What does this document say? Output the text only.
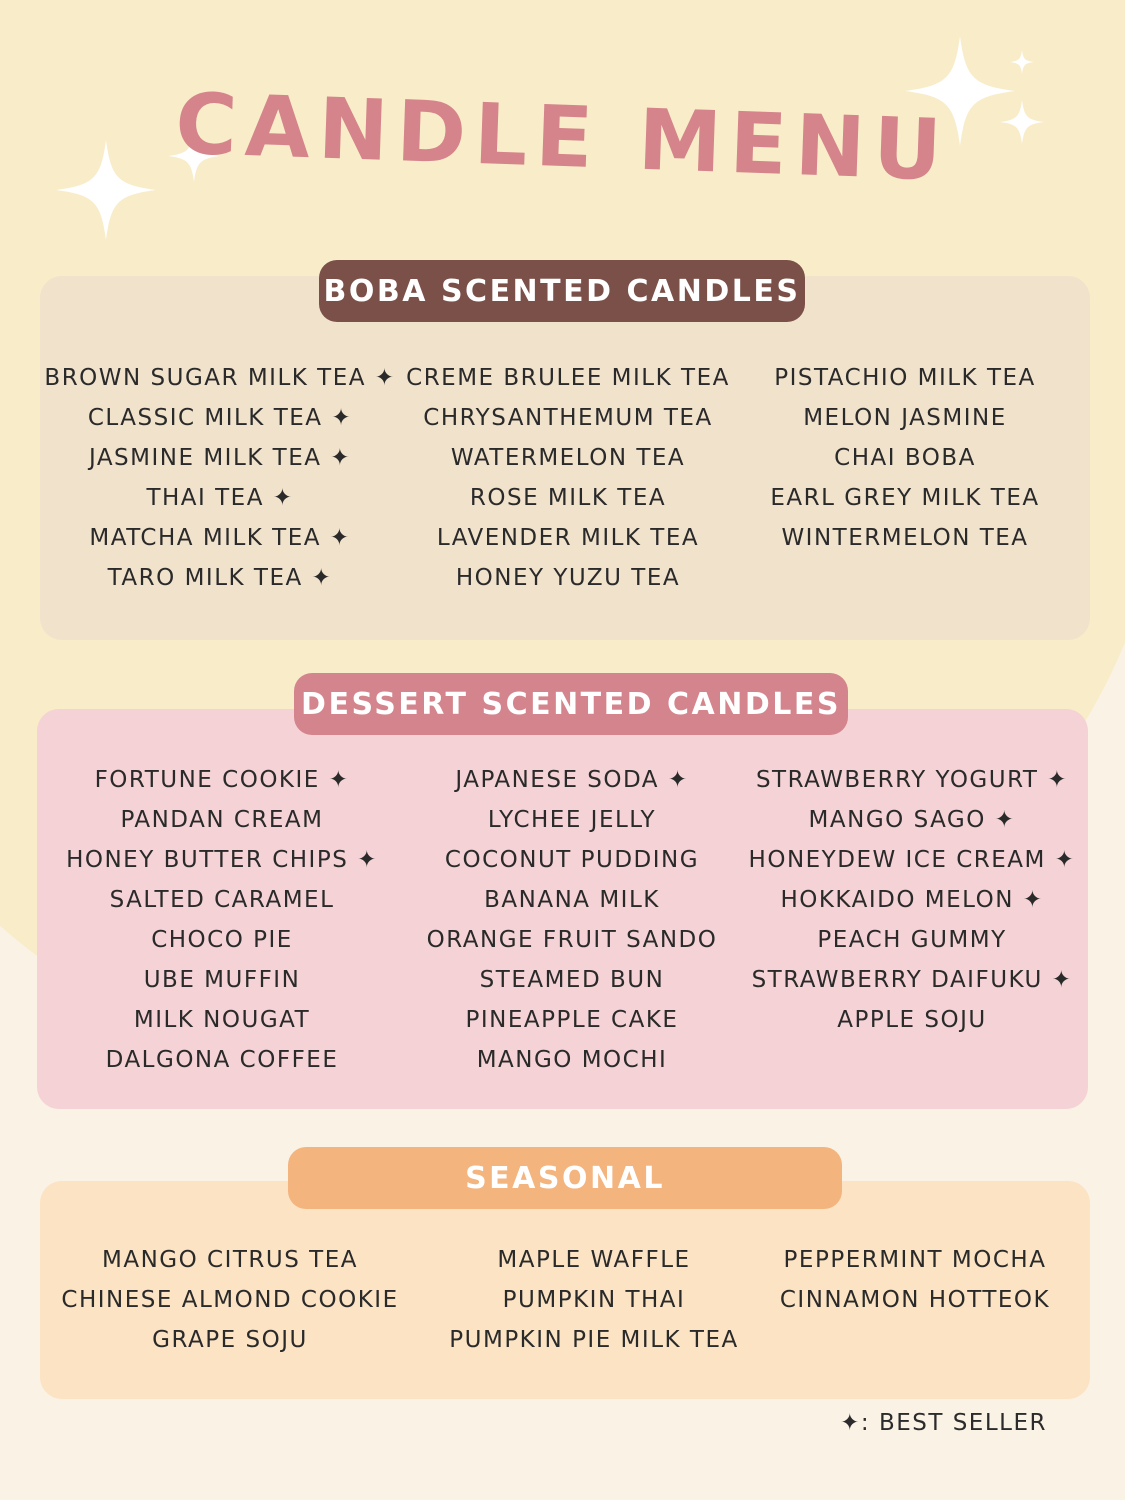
CANDLE MENU
BOBA SCENTED CANDLES
BROWN SUGAR MILK TEA ✦
CLASSIC MILK TEA ✦
JASMINE MILK TEA ✦
THAI TEA ✦
MATCHA MILK TEA ✦
TARO MILK TEA ✦
CREME BRULEE MILK TEA
CHRYSANTHEMUM TEA
WATERMELON TEA
ROSE MILK TEA
LAVENDER MILK TEA
HONEY YUZU TEA
PISTACHIO MILK TEA
MELON JASMINE
CHAI BOBA
EARL GREY MILK TEA
WINTERMELON TEA
DESSERT SCENTED CANDLES
FORTUNE COOKIE ✦
PANDAN CREAM
HONEY BUTTER CHIPS ✦
SALTED CARAMEL
CHOCO PIE
UBE MUFFIN
MILK NOUGAT
DALGONA COFFEE
JAPANESE SODA ✦
LYCHEE JELLY
COCONUT PUDDING
BANANA MILK
ORANGE FRUIT SANDO
STEAMED BUN
PINEAPPLE CAKE
MANGO MOCHI
STRAWBERRY YOGURT ✦
MANGO SAGO ✦
HONEYDEW ICE CREAM ✦
HOKKAIDO MELON ✦
PEACH GUMMY
STRAWBERRY DAIFUKU ✦
APPLE SOJU
SEASONAL
MANGO CITRUS TEA
CHINESE ALMOND COOKIE
GRAPE SOJU
MAPLE WAFFLE
PUMPKIN THAI
PUMPKIN PIE MILK TEA
PEPPERMINT MOCHA
CINNAMON HOTTEOK
✦: BEST SELLER
